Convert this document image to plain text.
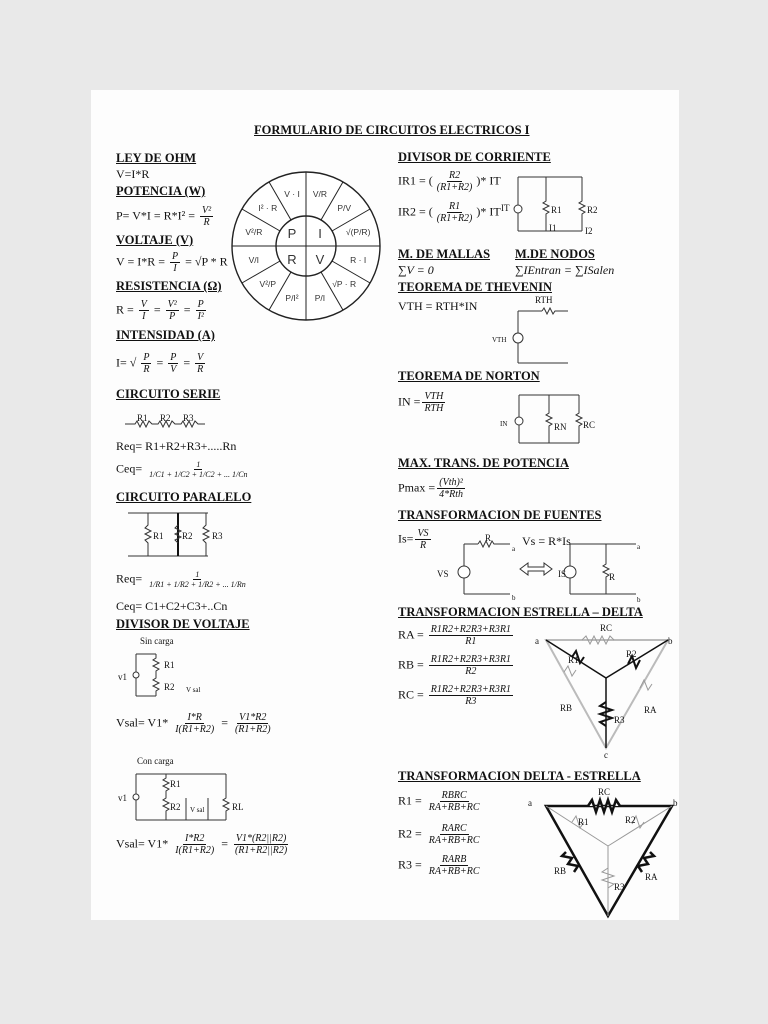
FORMULARIO DE CIRCUITOS ELECTRICOS I
LEY DE OHM
V=I*R
POTENCIA (W)
$P= V*I = R*I^2 = \frac{\text{V²}}{R}$
VOLTAJE (V)
$V = I*R = \frac{P}{I} = √P * R$
RESISTENCIA (Ω)
$R = \frac{V}{I} = \frac{\text{V²}}{P} = \frac{P}{\text{I²}}$
INTENSIDAD (A)
I= √ $\frac{P}{R} = \frac{P}{V} = \frac{V}{R}$
CIRCUITO SERIE
R1 R2 R3
Req= R1+R2+R3+.....Rn
$Ceq= \frac{1}{1/C1 + 1/C2 + 1/C2 + ... 1/Cn}$
CIRCUITO PARALELO
R1 R2 R3
$Req= \frac{1}{1/R1 + 1/R2 + 1/R2 + ... 1/Rn}$
Ceq= C1+C2+C3+..Cn
DIVISOR DE VOLTAJE
Sin carga
v1
R1
R2 V sal
Vsal= $V1* \frac{I*R}{I(R1+R2)} = \frac{V1*R2}{(R1+R2)}$
Con carga
v1
R1
R2 V sal	RL
Vsal= $V1* \frac{I*R2}{I(R1+R2)} = \frac{V1*(R2||R2)}{(R1+R2||R2)}$
P I
V
R
V · I V/R
P/V
√(P/R)
R · I
√P · R
P/I
P/I²
V²/P
V/I
V²/R
I² · R
DIVISOR DE CORRIENTE
IR1 = ( $\frac{R2}{(R1+R2)}$ )* IT
IR2 = ( $\frac{R1}{(R1+R2)}$ )* IT IT	R1	R2
I1	I2
M. DE MALLAS
∑V = 0
M.DE NODOS
∑IEntran = ∑ISalen
TEOREMA DE THEVENIN
VTH = RTH*IN	RTH
VTH
TEOREMA DE NORTON
IN = $\frac{\text{VTH}}{\text{RTH}}$
IN	RN RC
MAX. TRANS. DE POTENCIA
$Pmax = \frac{\text{(Vth)²}}{\text{4*Rth}}$
TRANSFORMACION DE FUENTES
$Is= \frac{VS}{R}$	Vs = R*Is
R
a
b
VS	IS	R
a
b
TRANSFORMACION ESTRELLA – DELTA
RA = $\frac{R1R2+R2R3+R3R1}{R1}$
RB = $\frac{R1R2+R2R3+R3R1}{R2}$
RC = $\frac{R1R2+R2R3+R3R1}{R3}$
a	b
c
RC
R1
R2
R3
RB	RA
TRANSFORMACION DELTA - ESTRELLA
$R1 = \frac{\text{RBRC}}{RA+RB+RC}$
$R2 = \frac{\text{RARC}}{RA+RB+RC}$
$R3 = \frac{\text{RARB}}{RA+RB+RC}$
a	b
RC
R1	R2
R3
RB
RA
